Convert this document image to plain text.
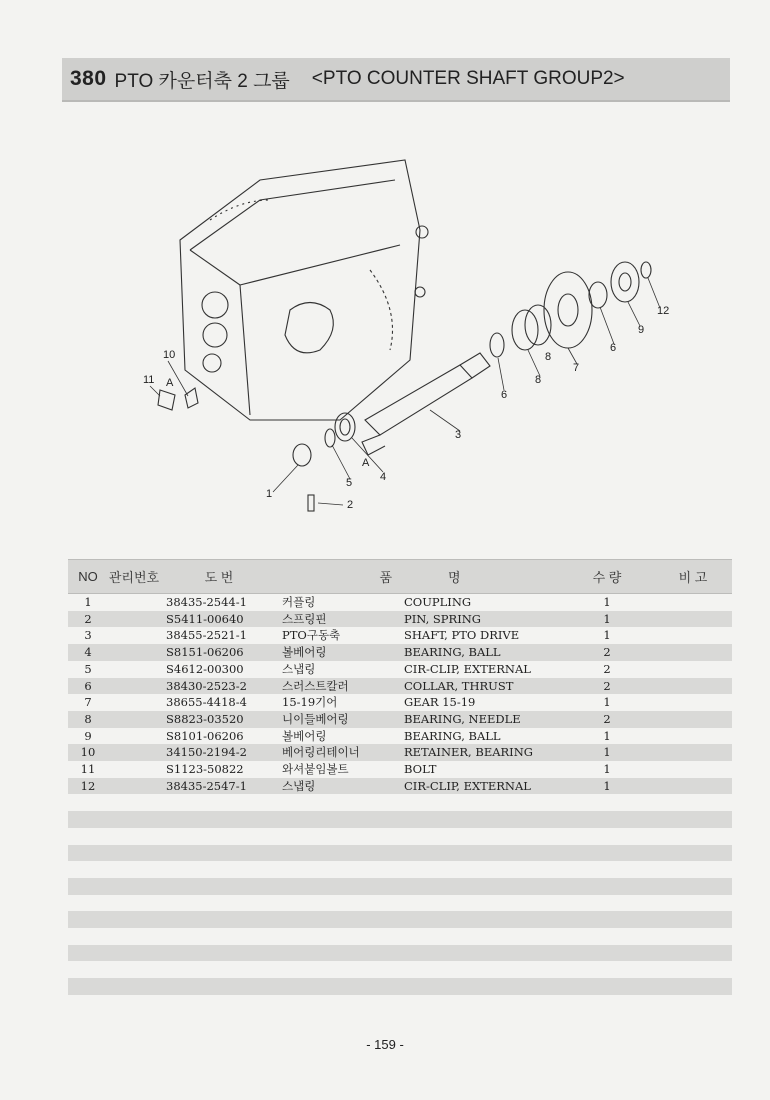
380 PTO 카운터축 2 그룹 <PTO COUNTER SHAFT GROUP2>
1
2
3
4
5
6
6
7
8
8
9
10
11
12
A
A
NO	관리번호	도 번	품	명	수 량	비 고
1		38435-2544-1	커플링	COUPLING	1	
2		S5411-00640	스프링핀	PIN, SPRING	1	
3		38455-2521-1	PTO구동축	SHAFT, PTO DRIVE	1	
4		S8151-06206	볼베어링	BEARING, BALL	2	
5		S4612-00300	스냅링	CIR-CLIP, EXTERNAL	2	
6		38430-2523-2	스러스트칼러	COLLAR, THRUST	2	
7		38655-4418-4	15-19기어	GEAR 15-19	1	
8		S8823-03520	니이들베어링	BEARING, NEEDLE	2	
9		S8101-06206	볼베어링	BEARING, BALL	1	
10		34150-2194-2	베어링리테이너	RETAINER, BEARING	1	
11		S1123-50822	와셔붙임볼트	BOLT	1	
12		38435-2547-1	스냅링	CIR-CLIP, EXTERNAL	1	

- 159 -
